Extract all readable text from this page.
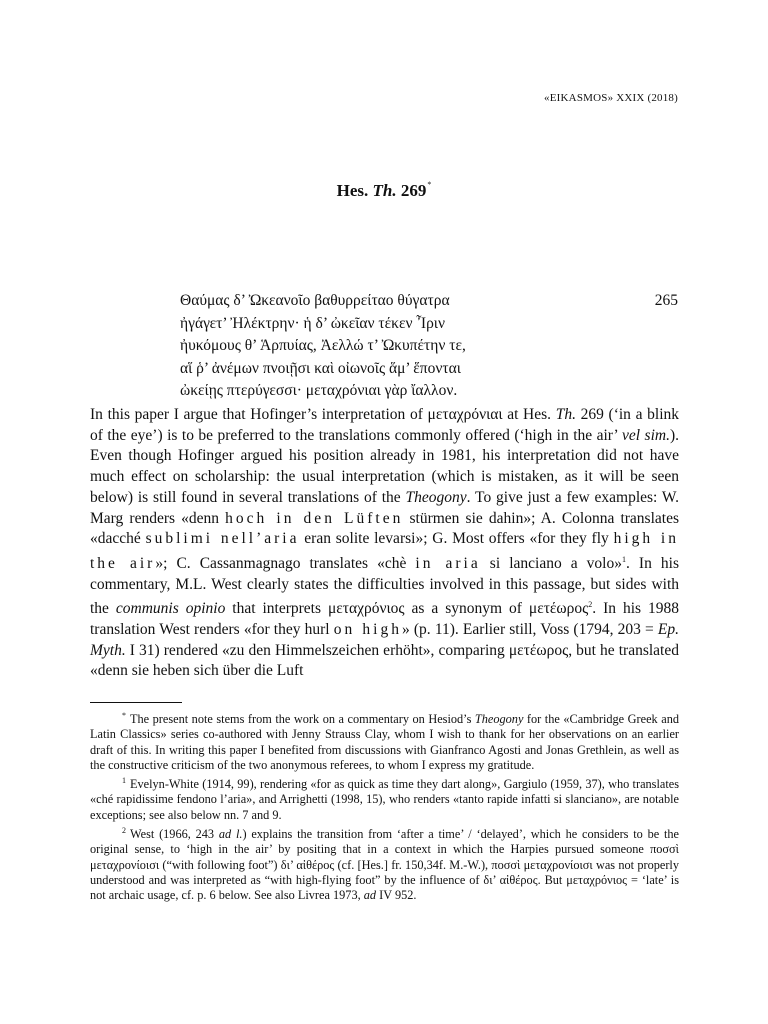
«EIKASMOS» XXIX (2018)
Hes. Th. 269*
Θαύμας δ’ Ὠκεανοῖο βαθυρρείταο θύγατρα	265
ἠγάγετ’ Ἠλέκτρην· ἡ δ’ ὠκεῖαν τέκεν Ἶριν
ἠυκόμους θ’ Ἁρπυίας, Ἀελλώ τ’ Ὠκυπέτην τε,
αἵ ῥ’ ἀνέμων πνοιῇσι καὶ οἰωνοῖς ἅμ’ ἕπονται
ὠκείῃς πτερύγεσσι· μεταχρόνιαι γὰρ ἴαλλον.

In this paper I argue that Hofinger’s interpretation of μεταχρόνιαι at Hes. Th. 269 (‘in a blink of the eye’) is to be preferred to the translations commonly offered (‘high in the air’ vel sim.). Even though Hofinger argued his position already in 1981, his interpretation did not have much effect on scholarship: the usual interpretation (which is mistaken, as it will be seen below) is still found in several translations of the Theogony. To give just a few examples: W. Marg renders «denn hoch in den Lüften stürmen sie dahin»; A. Colonna translates «dacché sublimi nell’aria eran solite levarsi»; G. Most offers «for they fly high in the air»; C. Cassanmagnago translates «chè in aria si lanciano a volo»$^1$. In his commentary, M.L. West clearly states the difficulties involved in this passage, but sides with the communis opinio that interprets μεταχρόνιος as a synonym of μετέωρος$^2$. In his 1988 translation West renders «for they hurl on high» (p. 11). Earlier still, Voss (1794, 203 = Ep. Myth. I 31) rendered «zu den Himmelszeichen erhöht», comparing μετέωρος, but he translated «denn sie heben sich über die Luft

* The present note stems from the work on a commentary on Hesiod’s Theogony for the «Cambridge Greek and Latin Classics» series co-authored with Jenny Strauss Clay, whom I wish to thank for her observations on an earlier draft of this. In writing this paper I benefited from discussions with Gianfranco Agosti and Jonas Grethlein, as well as the constructive criticism of the two anonymous referees, to whom I express my gratitude.

$^1$ Evelyn-White (1914, 99), rendering «for as quick as time they dart along», Gargiulo (1959, 37), who translates «ché rapidissime fendono l’aria», and Arrighetti (1998, 15), who renders «tanto rapide infatti si slanciano», are notable exceptions; see also below nn. 7 and 9.

$^2$ West (1966, 243 ad l.) explains the transition from ‘after a time’ / ‘delayed’, which he considers to be the original sense, to ‘high in the air’ by positing that in a context in which the Harpies pursued someone ποσσὶ μεταχρονίοισι (“with following foot”) δι’ αἰθέρος (cf. [Hes.] fr. 150,34f. M.-W.), ποσσὶ μεταχρονίοισι was not properly understood and was interpreted as “with high-flying foot” by the influence of δι’ αἰθέρος. But μεταχρόνιος = ‘late’ is not archaic usage, cf. p. 6 below. See also Livrea 1973, ad IV 952.
